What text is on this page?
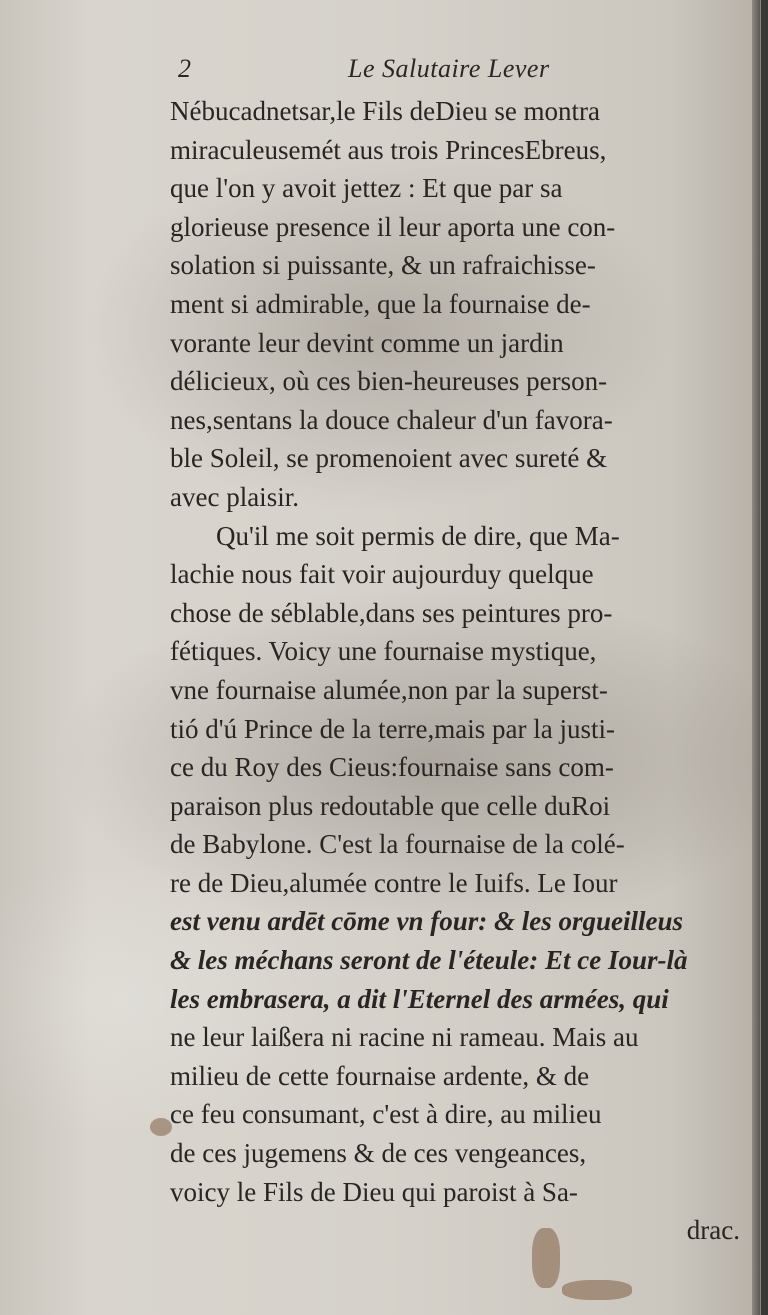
2	Le Salutaire Lever
Nébucadnetsar,le Fils deDieu se montra
miraculeusemét aus trois PrincesEbreus,
que l'on y avoit jettez : Et que par sa
glorieuse presence il leur aporta une con-
solation si puissante, & un rafraichisse-
ment si admirable, que la fournaise de-
vorante leur devint comme un jardin
délicieux, où ces bien-heureuses person-
nes,sentans la douce chaleur d'un favora-
ble Soleil, se promenoient avec sureté &
avec plaisir.
Qu'il me soit permis de dire, que Ma-
lachie nous fait voir aujourduy quelque
chose de séblable,dans ses peintures pro-
fétiques. Voicy une fournaise mystique,
vne fournaise alumée,non par la superst-
tió d'ú Prince de la terre,mais par la justi-
ce du Roy des Cieus:fournaise sans com-
paraison plus redoutable que celle duRoi
de Babylone. C'est la fournaise de la colé-
re de Dieu,alumée contre le Iuifs. Le Iour
est venu ardēt cōme vn four: & les orgueilleus
& les méchans seront de l'éteule: Et ce Iour-là
les embrasera, a dit l'Eternel des armées, qui
ne leur laißera ni racine ni rameau. Mais au
milieu de cette fournaise ardente, & de
ce feu consumant, c'est à dire, au milieu
de ces jugemens & de ces vengeances,
voicy le Fils de Dieu qui paroist à Sa-
drac.
